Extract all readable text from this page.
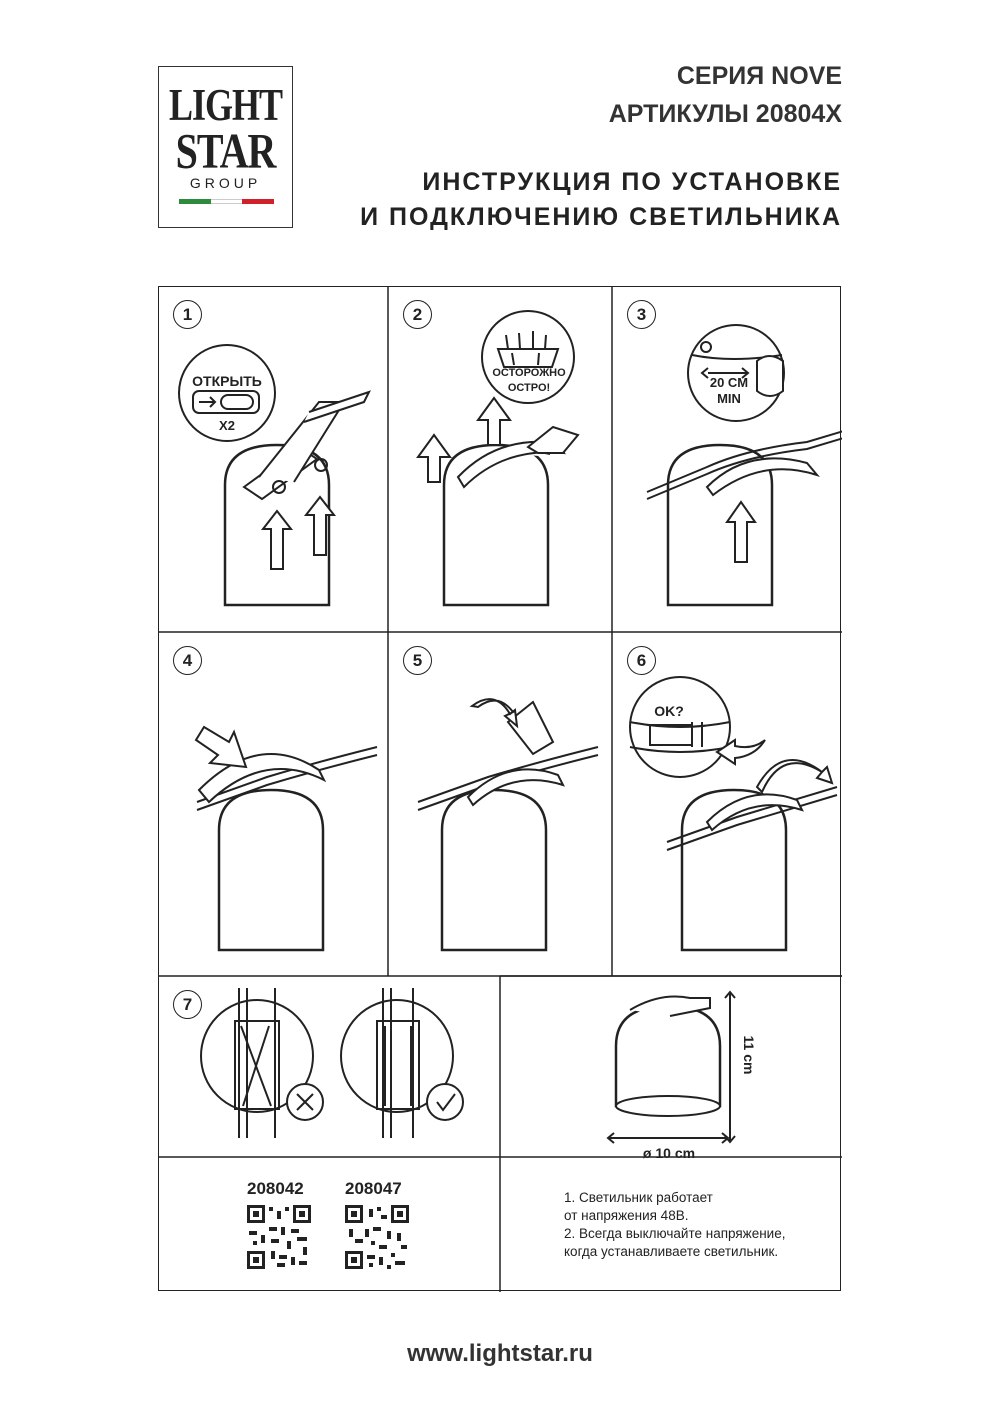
LIGHT
STAR
GROUP
СЕРИЯ NOVE
АРТИКУЛЫ 20804X
ИНСТРУКЦИЯ ПО УСТАНОВКЕ
И ПОДКЛЮЧЕНИЮ СВЕТИЛЬНИКА
1
ОТКРЫТЬ
X2
2
ОСТОРОЖНО
ОСТРО!
3
20 CM
MIN
4	5	6
OK?
7
11 cm
ø 10 cm
208042 208047	1. Светильник работает
от напряжения 48В.
2. Всегда выключайте напряжение,
когда устанавливаете светильник.
www.lightstar.ru
